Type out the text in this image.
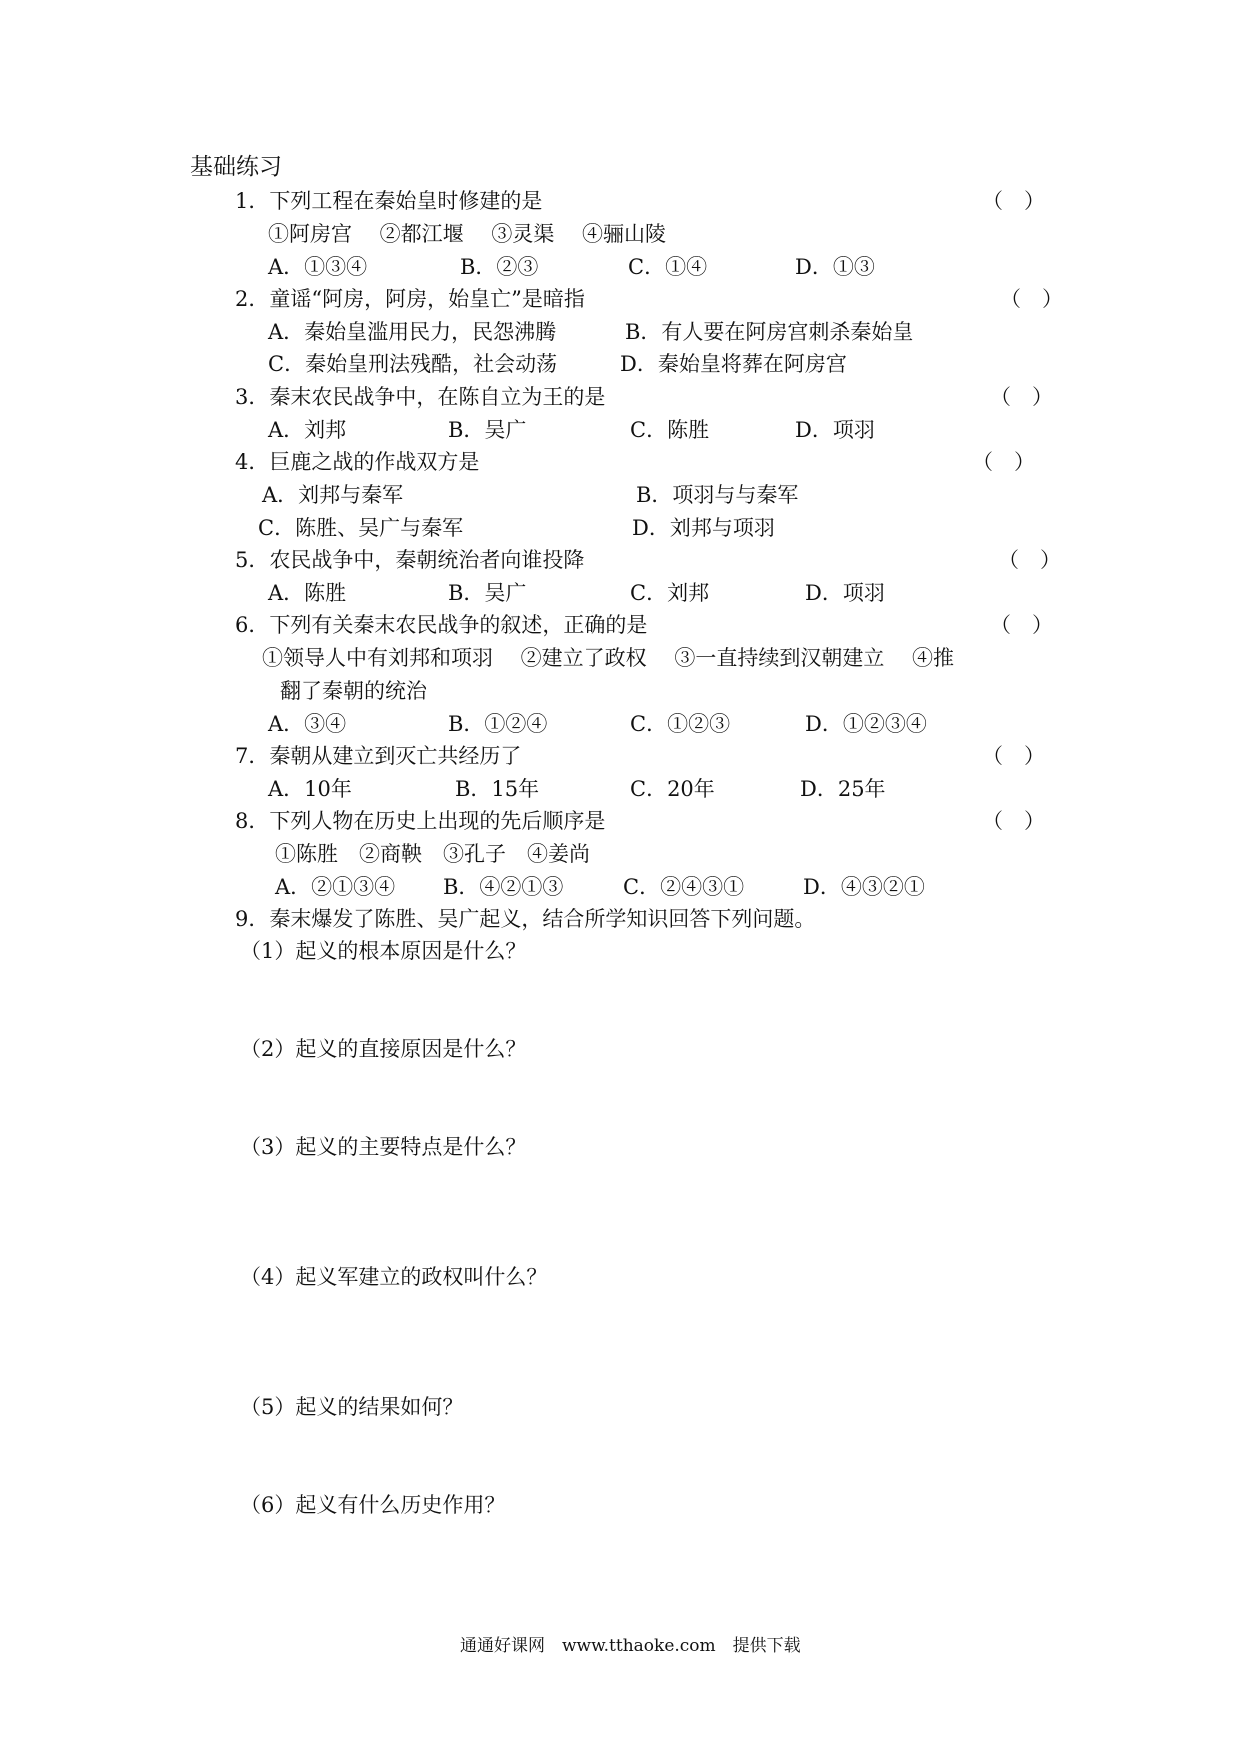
基础练习
1．下列工程在秦始皇时修建的是	（　）
①阿房宫　 ②都江堰　 ③灵渠　 ④骊山陵
A．①③④	B．②③	C．①④	D．①③
2．童谣“阿房，阿房，始皇亡”是暗指	（　）
A．秦始皇滥用民力，民怨沸腾	B．有人要在阿房宫刺杀秦始皇
C．秦始皇刑法残酷，社会动荡	D．秦始皇将葬在阿房宫
3．秦末农民战争中，在陈自立为王的是	（　）
A．刘邦	B．吴广	C．陈胜	D．项羽
4．巨鹿之战的作战双方是	（　）
A．刘邦与秦军	B．项羽与与秦军
C．陈胜、吴广与秦军	D．刘邦与项羽
5．农民战争中，秦朝统治者向谁投降	（　）
A．陈胜	B．吴广	C．刘邦	D．项羽
6．下列有关秦末农民战争的叙述，正确的是	（　）
①领导人中有刘邦和项羽　 ②建立了政权　 ③一直持续到汉朝建立　 ④推
翻了秦朝的统治
A．③④	B．①②④	C．①②③	D．①②③④
7．秦朝从建立到灭亡共经历了	（　）
A．10年	B．15年	C．20年	D．25年
8．下列人物在历史上出现的先后顺序是	（　）
①陈胜　②商鞅　③孔子　④姜尚
A．②①③④ B．④②①③	C．②④③①	D．④③②①
9．秦末爆发了陈胜、吴广起义，结合所学知识回答下列问题。
（1）起义的根本原因是什么？
（2）起义的直接原因是什么？
（3）起义的主要特点是什么？
（4）起义军建立的政权叫什么？
（5）起义的结果如何？
（6）起义有什么历史作用？
通通好课网　www.tthaoke.com　提供下载
